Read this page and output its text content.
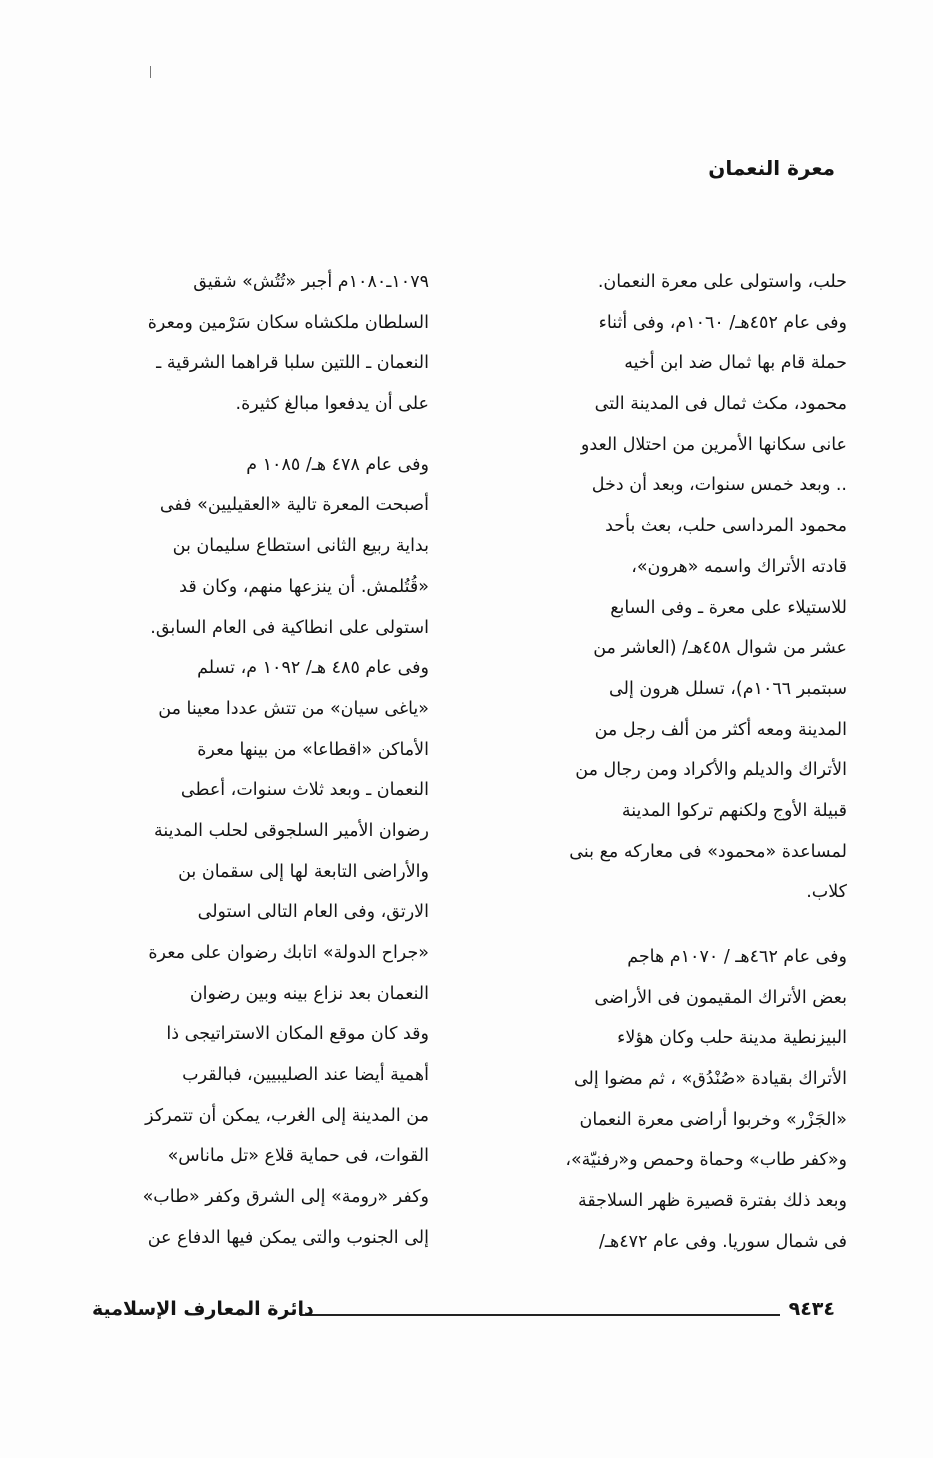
معرة النعمان
حلب، واستولى على معرة النعمان.
وفى عام ٤٥٢هـ/ ١٠٦٠م، وفى أثناء
حملة قام بها ثمال ضد ابن أخيه
محمود، مكث ثمال فى المدينة التى
عانى سكانها الأمرين من احتلال العدو
.. وبعد خمس سنوات، وبعد أن دخل
محمود المرداسى حلب، بعث بأحد
قادته الأتراك واسمه «هرون»،
للاستيلاء على معرة ـ وفى السابع
عشر من شوال ٤٥٨هـ/ (العاشر من
سبتمبر ١٠٦٦م)، تسلل هرون إلى
المدينة ومعه أكثر من ألف رجل من
الأتراك والديلم والأكراد ومن رجال من
قبيلة الأوج ولكنهم تركوا المدينة
لمساعدة «محمود» فى معاركه مع بنى
كلاب.
وفى عام ٤٦٢هـ / ١٠٧٠م هاجم
بعض الأتراك المقيمون فى الأراضى
البيزنطية مدينة حلب وكان هؤلاء
الأتراك بقيادة «صُنْدُق» ، ثم مضوا إلى
«الجَزْر» وخربوا أراضى معرة النعمان
و«كفر طاب» وحماة وحمص و«رفنيّة»،
وبعد ذلك بفترة قصيرة ظهر السلاجقة
فى شمال سوريا. وفى عام ٤٧٢هـ/
١٠٧٩ـ١٠٨٠م أجبر «تُتُش» شقيق
السلطان ملكشاه سكان سَرْمين ومعرة
النعمان ـ اللتين سلبا قراهما الشرقية ـ
على أن يدفعوا مبالغ كثيرة.
وفى عام ٤٧٨ هـ/ ١٠٨٥ م
أصبحت المعرة تالية «العقيليين» ففى
بداية ربيع الثانى استطاع سليمان بن
«قُتُلمش. أن ينزعها منهم، وكان قد
استولى على انطاكية فى العام السابق.
وفى عام ٤٨٥ هـ/ ١٠٩٢ م، تسلم
«ياغى سيان» من تتش عددا معينا من
الأماكن «اقطاعا» من بينها معرة
النعمان ـ وبعد ثلاث سنوات، أعطى
رضوان الأمير السلجوقى لحلب المدينة
والأراضى التابعة لها إلى سقمان بن
الارتق، وفى العام التالى استولى
«جراح الدولة» اتابك رضوان على معرة
النعمان بعد نزاع بينه وبين رضوان
وقد كان موقع المكان الاستراتيجى ذا
أهمية أيضا عند الصليبيين، فبالقرب
من المدينة إلى الغرب، يمكن أن تتمركز
القوات، فى حماية قلاع «تل ماناس»
وكفر «رومة» إلى الشرق وكفر «طاب»
إلى الجنوب والتى يمكن فيها الدفاع عن
٩٤٣٤
دائرة المعارف الإسلامية
